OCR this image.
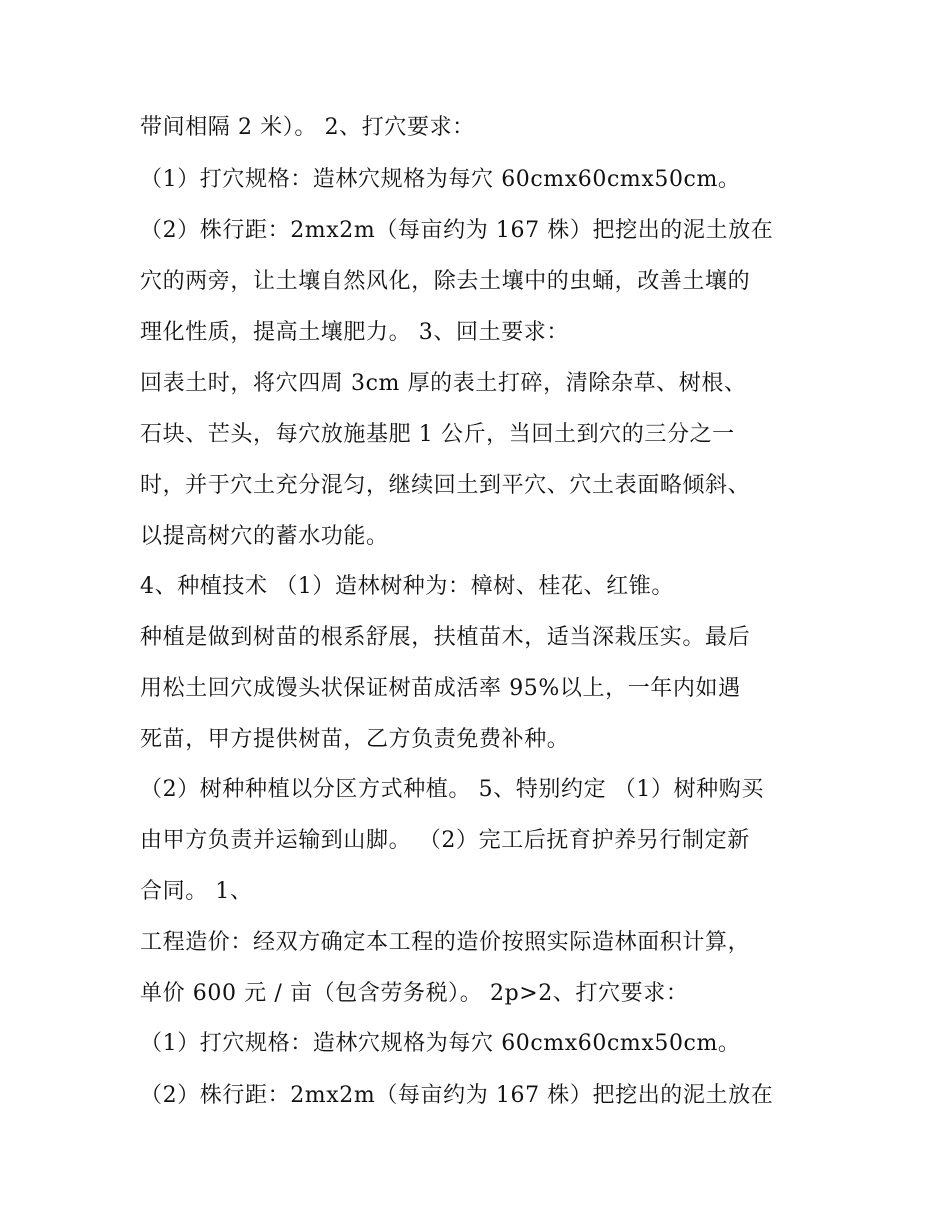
带间相隔 2 米）。 2、打穴要求：
（1）打穴规格：造林穴规格为每穴 60cmx60cmx50cm。
（2）株行距：2mx2m（每亩约为 167 株）把挖出的泥土放在
穴的两旁，让土壤自然风化，除去土壤中的虫蛹，改善土壤的
理化性质，提高土壤肥力。 3、回土要求：
回表土时，将穴四周 3cm 厚的表土打碎，清除杂草、树根、
石块、芒头，每穴放施基肥 1 公斤，当回土到穴的三分之一
时，并于穴土充分混匀，继续回土到平穴、穴土表面略倾斜、
以提高树穴的蓄水功能。
4、种植技术 （1）造林树种为：樟树、桂花、红锥。
种植是做到树苗的根系舒展，扶植苗木，适当深栽压实。最后
用松土回穴成馒头状保证树苗成活率 95%以上，一年内如遇
死苗，甲方提供树苗，乙方负责免费补种。
（2）树种种植以分区方式种植。 5、特别约定 （1）树种购买
由甲方负责并运输到山脚。 （2）完工后抚育护养另行制定新
合同。 1、
工程造价：经双方确定本工程的造价按照实际造林面积计算，
单价 600 元 / 亩（包含劳务税）。 2p>2、打穴要求：
（1）打穴规格：造林穴规格为每穴 60cmx60cmx50cm。
（2）株行距：2mx2m（每亩约为 167 株）把挖出的泥土放在
